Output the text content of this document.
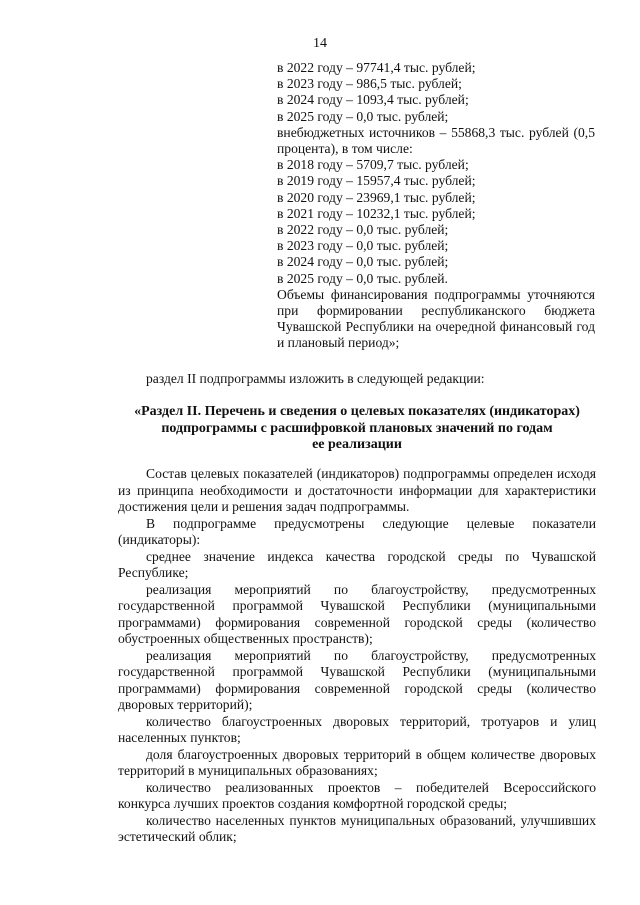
14
в 2022 году – 97741,4 тыс. рублей;
в 2023 году – 986,5 тыс. рублей;
в 2024 году – 1093,4 тыс. рублей;
в 2025 году – 0,0 тыс. рублей;
внебюджетных источников – 55868,3 тыс. рублей (0,5 процента), в том числе:
в 2018 году – 5709,7 тыс. рублей;
в 2019 году – 15957,4 тыс. рублей;
в 2020 году – 23969,1 тыс. рублей;
в 2021 году – 10232,1 тыс. рублей;
в 2022 году – 0,0 тыс. рублей;
в 2023 году – 0,0 тыс. рублей;
в 2024 году – 0,0 тыс. рублей;
в 2025 году – 0,0 тыс. рублей.
Объемы финансирования подпрограммы уточняются при формировании республиканского бюджета Чувашской Республики на очередной финансовый год и плановый период»;
раздел II подпрограммы изложить в следующей редакции:
«Раздел II. Перечень и сведения о целевых показателях (индикаторах)
подпрограммы с расшифровкой плановых значений по годам
ее реализации

Состав целевых показателей (индикаторов) подпрограммы определен исходя из принципа необходимости и достаточности информации для характеристики достижения цели и решения задач подпрограммы.

В подпрограмме предусмотрены следующие целевые показатели (индикаторы):

среднее значение индекса качества городской среды по Чувашской Республике;

реализация мероприятий по благоустройству, предусмотренных государственной программой Чувашской Республики (муниципальными программами) формирования современной городской среды (количество обустроенных общественных пространств);

реализация мероприятий по благоустройству, предусмотренных государственной программой Чувашской Республики (муниципальными программами) формирования современной городской среды (количество дворовых территорий);

количество благоустроенных дворовых территорий, тротуаров и улиц населенных пунктов;

доля благоустроенных дворовых территорий в общем количестве дворовых территорий в муниципальных образованиях;

количество реализованных проектов – победителей Всероссийского конкурса лучших проектов создания комфортной городской среды;

количество населенных пунктов муниципальных образований, улучшивших эстетический облик;
